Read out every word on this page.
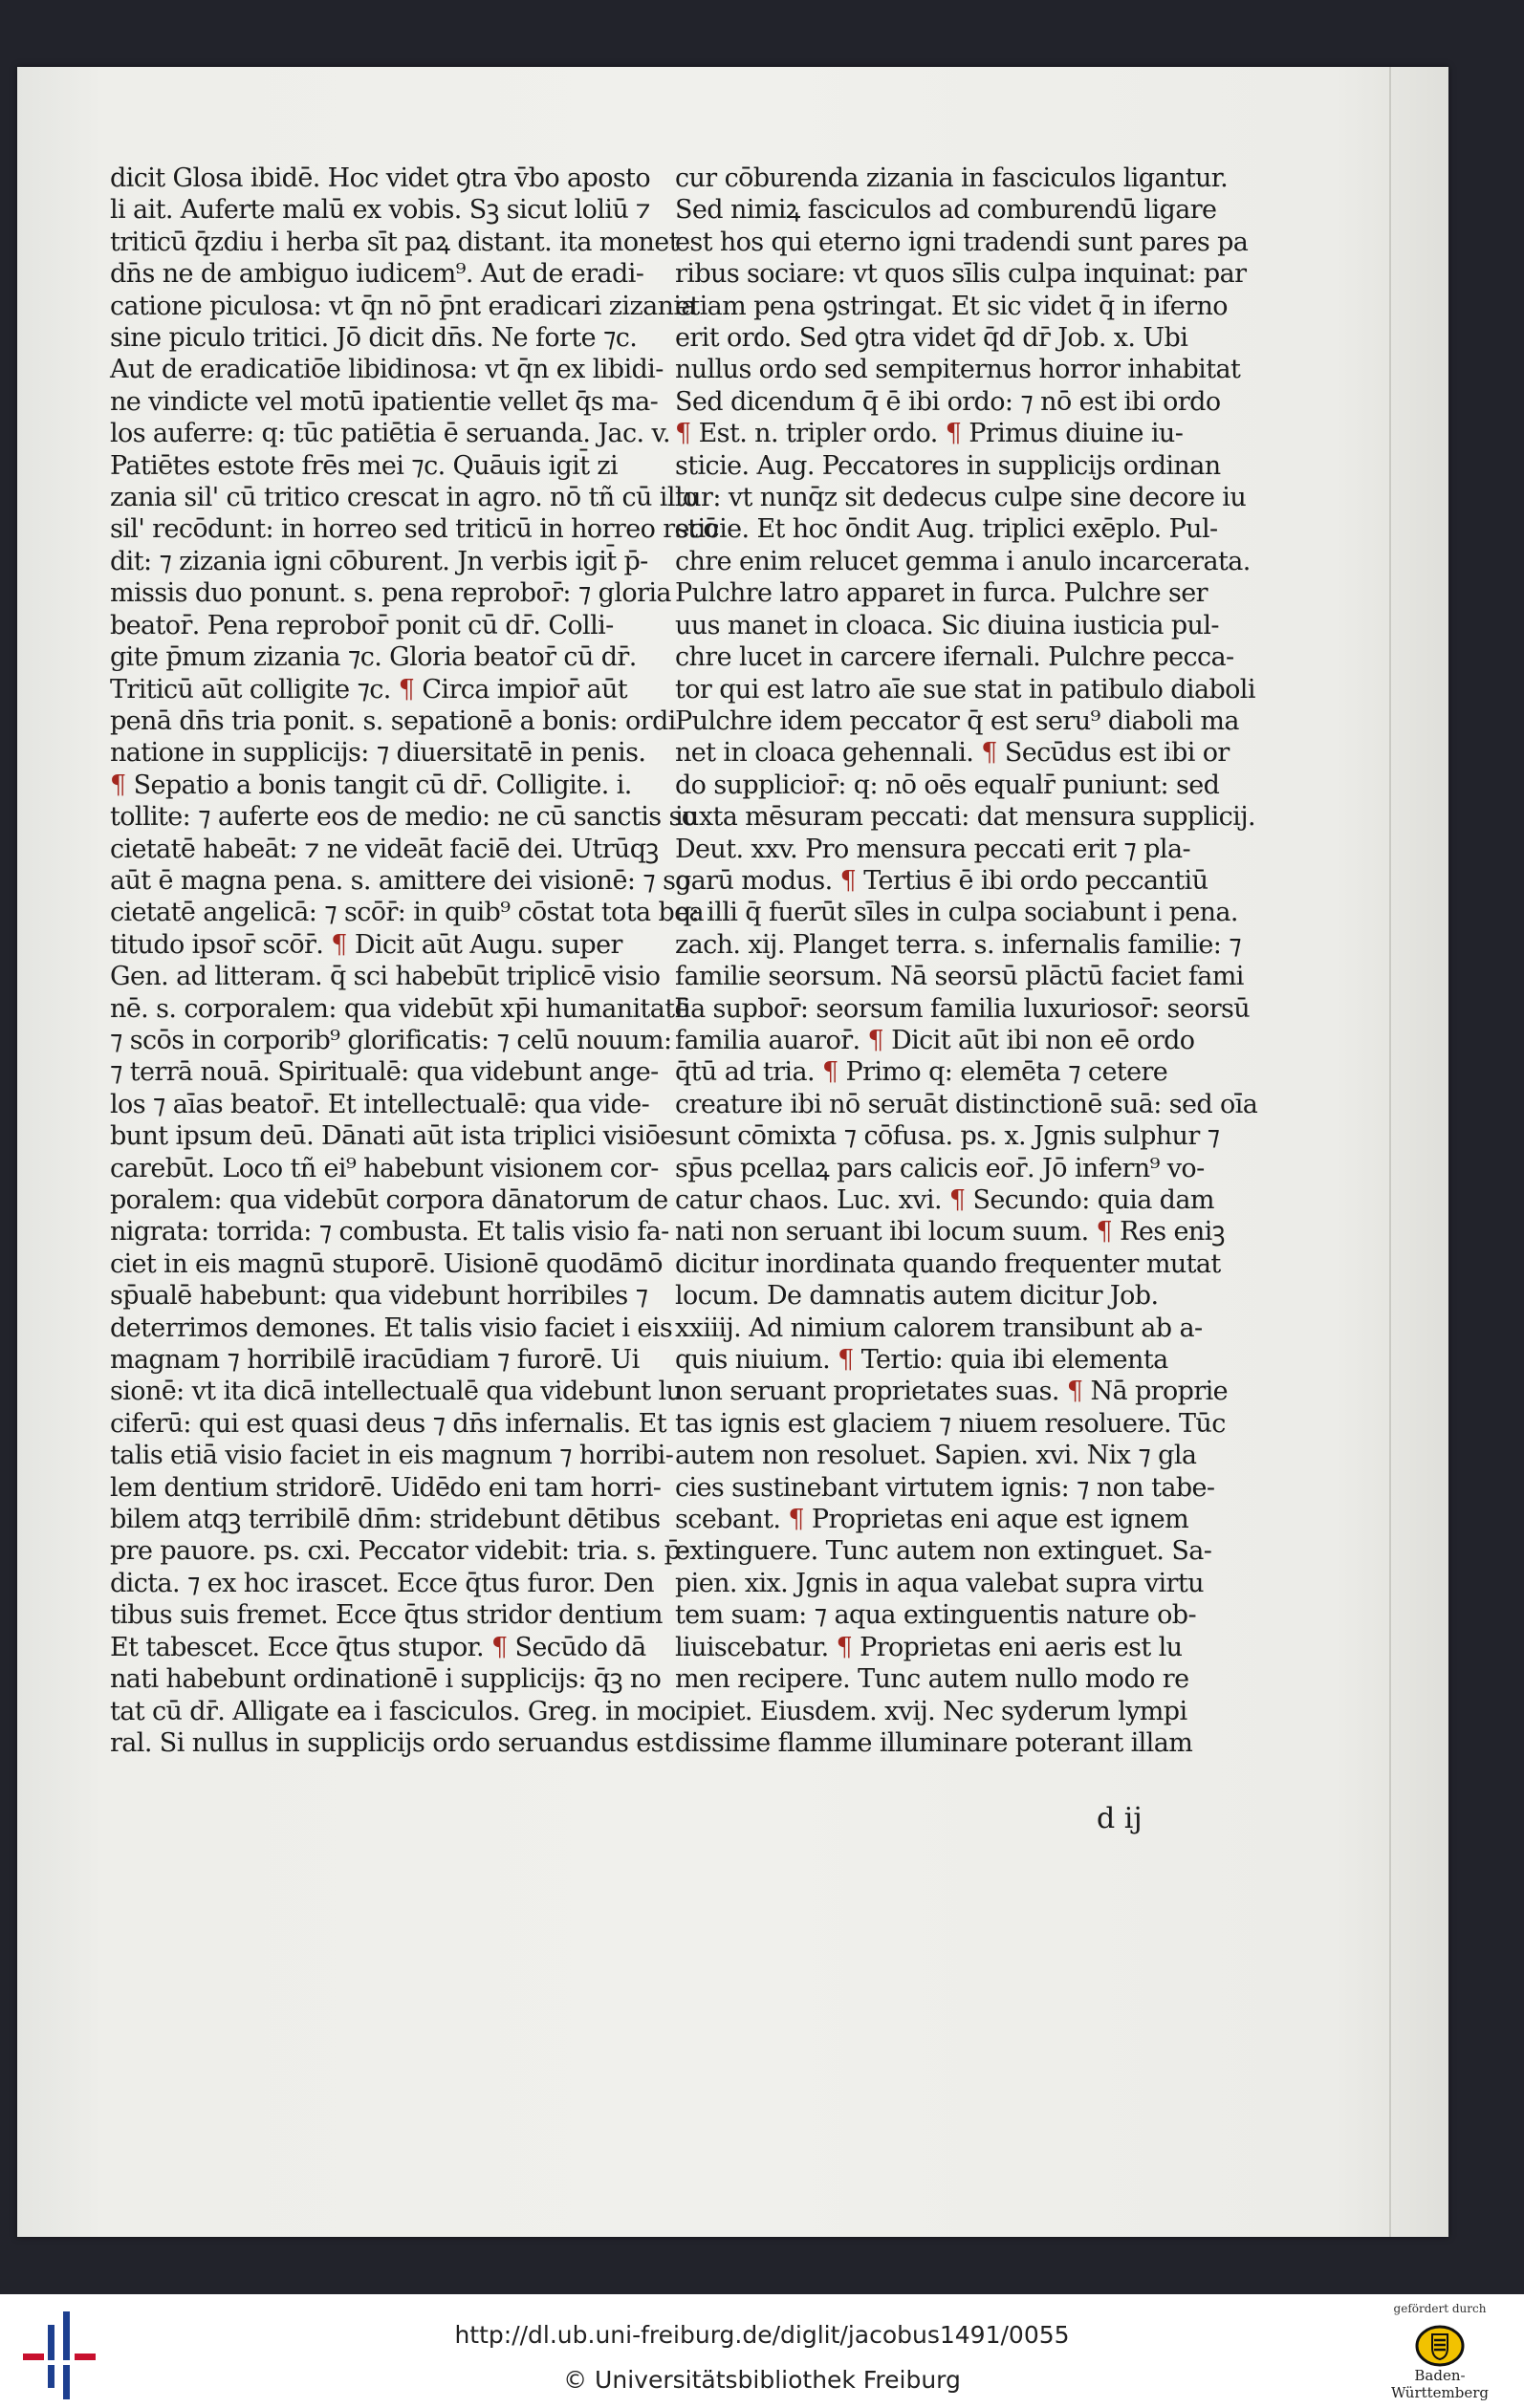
dicit Glosa ibidē. Hoc videt ꝯtra v̄bo aposto
li ait. Auferte malū ex vobis. Sꝫ sicut loliū ⁊
triticū q̄zdiu i herba sīt paꝝ distant. ita monet
dn̄s ne de ambiguo iudicem⁹. Aut de eradi-
catione piculosa: vt q̄n nō p̄nt eradicari zizania
sine piculo tritici. Jō dicit dn̄s. Ne forte ⁊c.
Aut de eradicatiōe libidinosa: vt q̄n ex libidi-
ne vindicte vel motū ipatientie vellet q̄s ma-
los auferre: q: tūc patiētia ē seruanda. Jac. v.
Patiētes estote frēs mei ⁊c. Quāuis igit̄ zi
zania sil' cū tritico crescat in agro. nō tñ cū illo
sil' recōdunt: in horreo sed triticū in horreo recō
dit: ⁊ zizania igni cōburent. Jn verbis igit̄ p̄-
missis duo ponunt. s. pena reprobor̄: ⁊ gloria
beator̄. Pena reprobor̄ ponit cū dr̄. Colli-
gite p̄mum zizania ⁊c. Gloria beator̄ cū dr̄.
Triticū aūt colligite ⁊c. ¶ Circa impior̄ aūt
penā dn̄s tria ponit. s. sepationē a bonis: ordi
natione in supplicijs: ⁊ diuersitatē in penis.
¶ Sepatio a bonis tangit cū dr̄. Colligite. i.
tollite: ⁊ auferte eos de medio: ne cū sanctis so
cietatē habeāt: ⁊ ne videāt faciē dei. Utrūqꝫ
aūt ē magna pena. s. amittere dei visionē: ⁊ so
cietatē angelicā: ⁊ scōr̄: in quib⁹ cōstat tota bea
titudo ipsor̄ scōr̄. ¶ Dicit aūt Augu. super
Gen. ad litteram. q̄ sci habebūt triplicē visio
nē. s. corporalem: qua videbūt xp̄i humanitatē
⁊ scōs in corporib⁹ glorificatis: ⁊ celū nouum:
⁊ terrā nouā. Spiritualē: qua videbunt ange-
los ⁊ aīas beator̄. Et intellectualē: qua vide-
bunt ipsum deū. Dānati aūt ista triplici visiōe
carebūt. Loco tñ ei⁹ habebunt visionem cor-
poralem: qua videbūt corpora dānatorum de
nigrata: torrida: ⁊ combusta. Et talis visio fa-
ciet in eis magnū stuporē. Uisionē quodāmō
sp̄ualē habebunt: qua videbunt horribiles ⁊
deterrimos demones. Et talis visio faciet i eis
magnam ⁊ horribilē iracūdiam ⁊ furorē. Ui
sionē: vt ita dicā intellectualē qua videbunt lu
ciferū: qui est quasi deus ⁊ dn̄s infernalis. Et
talis etiā visio faciet in eis magnum ⁊ horribi-
lem dentium stridorē. Uidēdo eni tam horri-
bilem atqꝫ terribilē dn̄m: stridebunt dētibus
pre pauore. ps. cxi. Peccator videbit: tria. s. p̄-
dicta. ⁊ ex hoc irascet. Ecce q̄tus furor. Den
tibus suis fremet. Ecce q̄tus stridor dentium
Et tabescet. Ecce q̄tus stupor. ¶ Secūdo dā
nati habebunt ordinationē i supplicijs: q̄ꝫ no
tat cū dr̄. Alligate ea i fasciculos. Greg. in mo
ral. Si nullus in supplicijs ordo seruandus est
cur cōburenda zizania in fasciculos ligantur.
Sed nimiꝝ fasciculos ad comburendū ligare
est hos qui eterno igni tradendi sunt pares pa
ribus sociare: vt quos sīlis culpa inquinat: par
etiam pena ꝯstringat. Et sic videt q̄ in iferno
erit ordo. Sed ꝯtra videt q̄d dr̄ Job. x. Ubi
nullus ordo sed sempiternus horror inhabitat
Sed dicendum q̄ ē ibi ordo: ⁊ nō est ibi ordo
¶ Est. n. tripler ordo. ¶ Primus diuine iu-
sticie. Aug. Peccatores in supplicijs ordinan
tur: vt nunq̄z sit dedecus culpe sine decore iu
sticie. Et hoc ōndit Aug. triplici exēplo. Pul-
chre enim relucet gemma i anulo incarcerata.
Pulchre latro apparet in furca. Pulchre ser
uus manet in cloaca. Sic diuina iusticia pul-
chre lucet in carcere ifernali. Pulchre pecca-
tor qui est latro aīe sue stat in patibulo diaboli
Pulchre idem peccator q̄ est seru⁹ diaboli ma
net in cloaca gehennali. ¶ Secūdus est ibi or
do supplicior̄: q: nō oēs equalr̄ puniunt: sed
iuxta mēsuram peccati: dat mensura supplicij.
Deut. xxv. Pro mensura peccati erit ⁊ pla-
garū modus. ¶ Tertius ē ibi ordo peccantiū
q: illi q̄ fuerūt sīles in culpa sociabunt i pena.
zach. xij. Planget terra. s. infernalis familie: ⁊
familie seorsum. Nā seorsū plāctū faciet fami
lia supbor̄: seorsum familia luxuriosor̄: seorsū
familia auaror̄. ¶ Dicit aūt ibi non eē ordo
q̄tū ad tria. ¶ Primo q: elemēta ⁊ cetere
creature ibi nō seruāt distinctionē suā: sed oīa
sunt cōmixta ⁊ cōfusa. ps. x. Jgnis sulphur ⁊
sp̄us pcellaꝝ pars calicis eor̄. Jō infern⁹ vo-
catur chaos. Luc. xvi. ¶ Secundo: quia dam
nati non seruant ibi locum suum. ¶ Res eniꝫ
dicitur inordinata quando frequenter mutat
locum. De damnatis autem dicitur Job.
xxiiij. Ad nimium calorem transibunt ab a-
quis niuium. ¶ Tertio: quia ibi elementa
non seruant proprietates suas. ¶ Nā proprie
tas ignis est glaciem ⁊ niuem resoluere. Tūc
autem non resoluet. Sapien. xvi. Nix ⁊ gla
cies sustinebant virtutem ignis: ⁊ non tabe-
scebant. ¶ Proprietas eni aque est ignem
extinguere. Tunc autem non extinguet. Sa-
pien. xix. Jgnis in aqua valebat supra virtu
tem suam: ⁊ aqua extinguentis nature ob-
liuiscebatur. ¶ Proprietas eni aeris est lu
men recipere. Tunc autem nullo modo re
cipiet. Eiusdem. xvij. Nec syderum lympi
dissime flamme illuminare poterant illam
d ij
http://dl.ub.uni-freiburg.de/diglit/jacobus1491/0055
© Universitätsbibliothek Freiburg
gefördert durch
Baden-Württemberg
